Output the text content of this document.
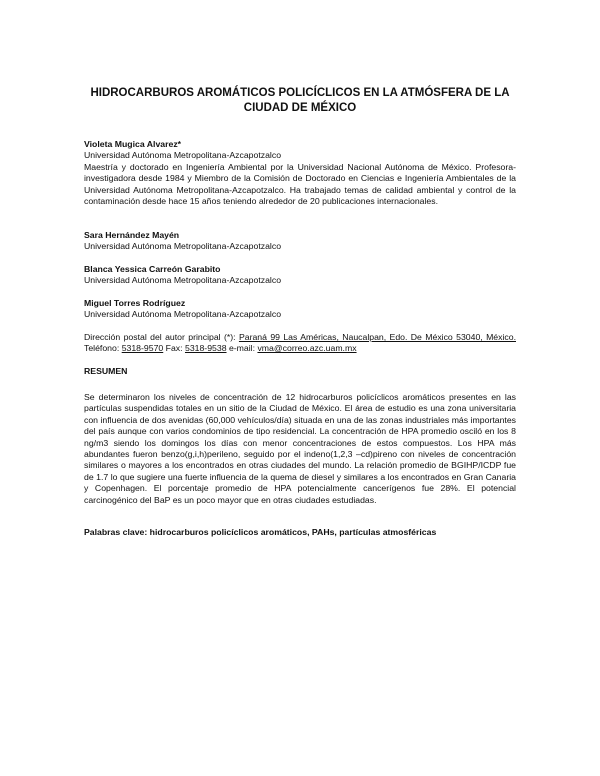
HIDROCARBUROS AROMÁTICOS POLICÍCLICOS EN LA ATMÓSFERA DE LA
CIUDAD DE MÉXICO
Violeta Mugica Alvarez*
Universidad Autónoma Metropolitana-Azcapotzalco
Maestría y doctorado en Ingeniería Ambiental por la Universidad Nacional Autónoma de México. Profesora-investigadora desde 1984 y Miembro de la Comisión de Doctorado en Ciencias e Ingeniería Ambientales de la Universidad Autónoma Metropolitana-Azcapotzalco. Ha trabajado temas de calidad ambiental y control de la contaminación desde hace 15 años teniendo alrededor de 20 publicaciones internacionales.
Sara Hernández Mayén
Universidad Autónoma Metropolitana-Azcapotzalco
Blanca Yessica Carreón Garabito
Universidad Autónoma Metropolitana-Azcapotzalco
Miguel Torres Rodríguez
Universidad Autónoma Metropolitana-Azcapotzalco
Dirección postal del autor principal (*): Paraná 99 Las Américas, Naucalpan, Edo. De México 53040, México. Teléfono: 5318-9570 Fax: 5318-9538 e-mail: vma@correo.azc.uam.mx
RESUMEN
Se determinaron los niveles de concentración de 12 hidrocarburos policíclicos aromáticos presentes en las partículas suspendidas totales en un sitio de la Ciudad de México. El área de estudio es una zona universitaria con influencia de dos avenidas (60,000 vehículos/día) situada en una de las zonas industriales más importantes del país aunque con varios condominios de tipo residencial. La concentración de HPA promedio osciló en los 8 ng/m3 siendo los domingos los días con menor concentraciones de estos compuestos. Los HPA más abundantes fueron benzo(g,i,h)perileno, seguido por el indeno(1,2,3 –cd)pireno con niveles de concentración similares o mayores a los encontrados en otras ciudades del mundo. La relación promedio de BGIHP/ICDP fue de 1.7 lo que sugiere una fuerte influencia de la quema de diesel y similares a los encontrados en Gran Canaria y Copenhagen. El porcentaje promedio de HPA potencialmente cancerígenos fue 28%. El potencial carcinogénico del BaP es un poco mayor que en otras ciudades estudiadas.
Palabras clave: hidrocarburos policíclicos aromáticos, PAHs, partículas atmosféricas
